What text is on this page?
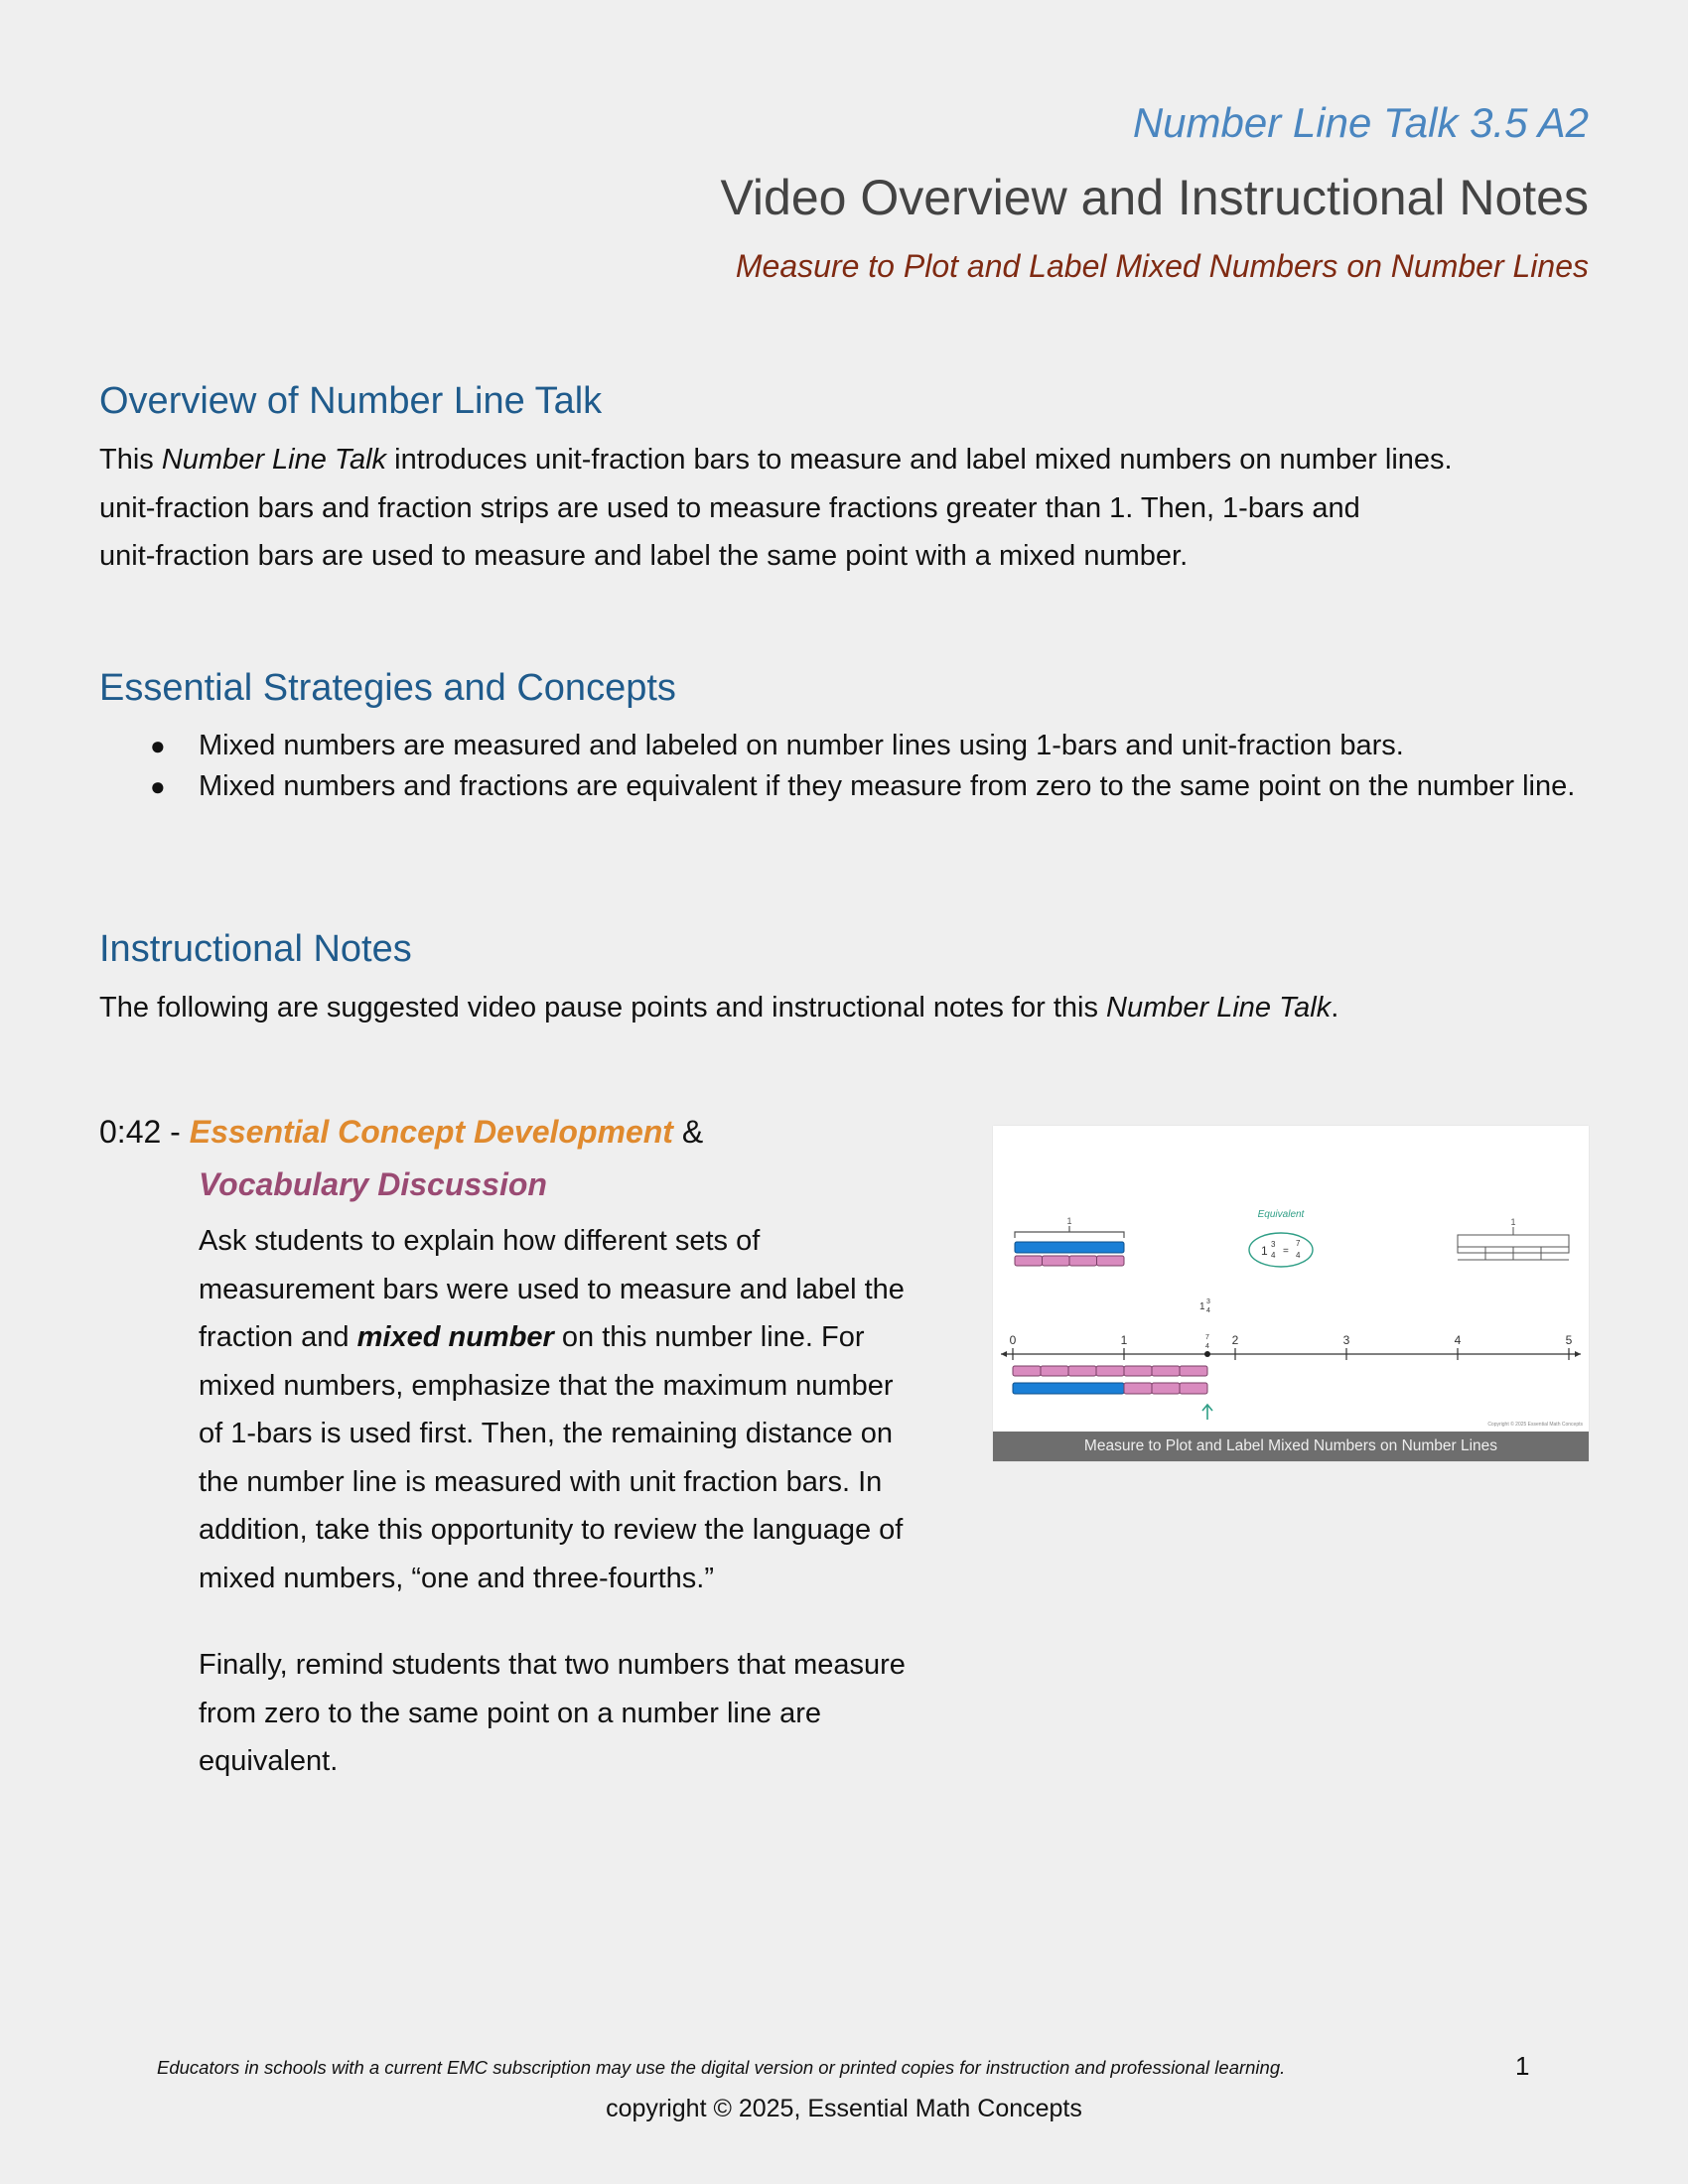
Number Line Talk 3.5 A2
Video Overview and Instructional Notes
Measure to Plot and Label Mixed Numbers on Number Lines
Overview of Number Line Talk
This Number Line Talk introduces unit-fraction bars to measure and label mixed numbers on number lines.
unit-fraction bars and fraction strips are used to measure fractions greater than 1. Then, 1-bars and
unit-fraction bars are used to measure and label the same point with a mixed number.
Essential Strategies and Concepts
● Mixed numbers are measured and labeled on number lines using 1-bars and unit-fraction bars.
● Mixed numbers and fractions are equivalent if they measure from zero to the same point on the number line.
Instructional Notes
The following are suggested video pause points and instructional notes for this Number Line Talk.
0:42 - Essential Concept Development &
Vocabulary Discussion
Ask students to explain how different sets of
measurement bars were used to measure and label the
fraction and mixed number on this number line. For
mixed numbers, emphasize that the maximum number
of 1-bars is used first. Then, the remaining distance on
the number line is measured with unit fraction bars. In
addition, take this opportunity to review the language of
mixed numbers, “one and three-fourths.”
Finally, remind students that two numbers that measure
from zero to the same point on a number line are
equivalent.
1
Equivalent
1 3
4 =
7
4
1
1 3
4
0	1	2	3	4	5
7
4
Copyright © 2025 Essential Math Concepts
Measure to Plot and Label Mixed Numbers on Number Lines
Educators in schools with a current EMC subscription may use the digital version or printed copies for instruction and professional learning.	1
copyright © 2025, Essential Math Concepts
